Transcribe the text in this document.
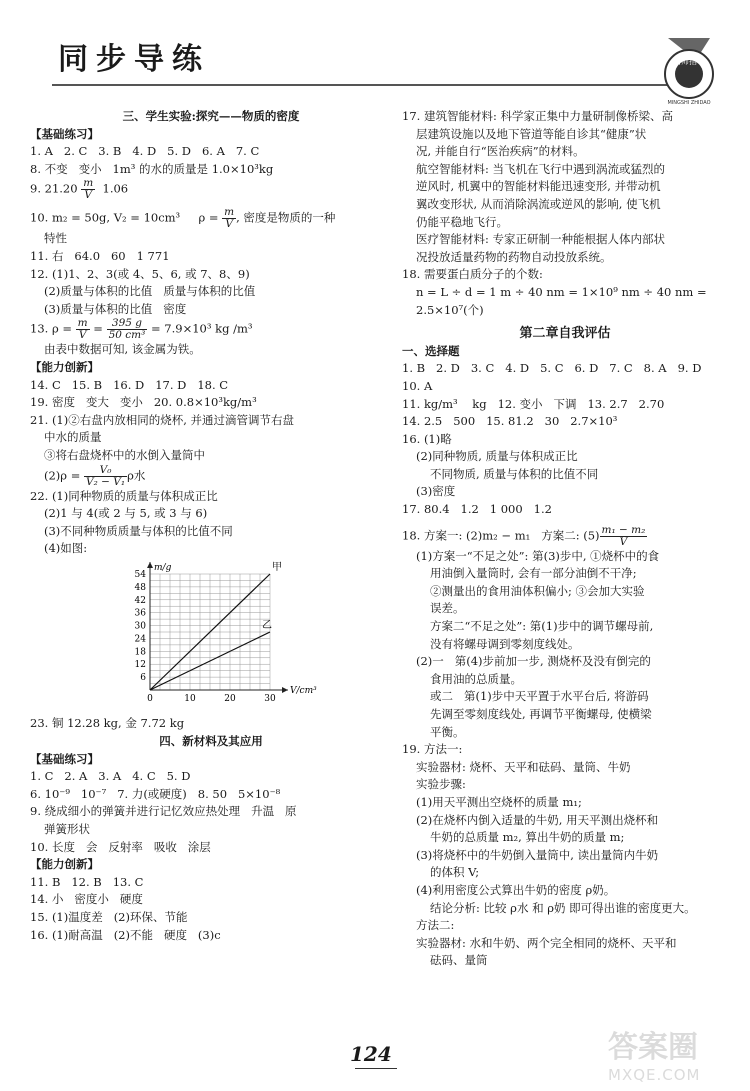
同步导练	名师指导
MINGSHI ZHIDAO
三、学生实验:探究——物质的密度
【基础练习】
1. A   2. C   3. B   4. D   5. D   6. A   7. C
8. 不变   变小   1m³ 的水的质量是 1.0×10³kg
9. $21.20 \frac{m}{V} 1.06$
10. m₂ = 50g, V₂ = 10cm³     $\rho = \frac{m}{V}$ , 密度是物质的一种
特性
11. 右   64.0   60   1 771
12. (1)1、2、3(或 4、5、6, 或 7、8、9)
(2)质量与体积的比值   质量与体积的比值
(3)质量与体积的比值   密度
13. $\rho = \frac{m}{V} = \frac{395 g}{\text{50 cm³}} = 7.9\times 10^3$ kg /m³
由表中数据可知, 该金属为铁。
【能力创新】
14. C   15. B   16. D   17. D   18. C
19. 密度   变大   变小   20. 0.8×10³kg/m³
21. (1)②右盘内放相同的烧杯, 并通过滴管调节右盘
中水的质量
③将右盘烧杯中的水倒入量筒中
$(2)\rho = \frac{\text{V₀}}{\text{V₂ − V₁}}$ ρ水
22. (1)同种物质的质量与体积成正比
(2)1 与 4(或 2 与 5, 或 3 与 6)
(3)不同种物质质量与体积的比值不同
(4)如图:
6
12
18
24
30
36
42
48
54
0	10	20	30
m/g
V/cm³
甲
乙
23. 铜 12.28 kg, 金 7.72 kg
四、新材料及其应用
【基础练习】
1. C   2. A   3. A   4. C   5. D
6. 10⁻⁹   10⁻⁷   7. 力(或硬度)   8. 50   5×10⁻⁸
9. 绕成细小的弹簧并进行记忆效应热处理   升温   原
弹簧形状
10. 长度   会   反射率   吸收   涂层
【能力创新】
11. B   12. B   13. C
14. 小   密度小   硬度
15. (1)温度差   (2)环保、节能
16. (1)耐高温   (2)不能   硬度   (3)c
17. 建筑智能材料: 科学家正集中力量研制像桥梁、高
层建筑设施以及地下管道等能自诊其“健康”状
况, 并能自行“医治疾病”的材料。
航空智能材料: 当飞机在飞行中遇到涡流或猛烈的
逆风时, 机翼中的智能材料能迅速变形, 并带动机
翼改变形状, 从而消除涡流或逆风的影响, 使飞机
仍能平稳地飞行。
医疗智能材料: 专家正研制一种能根据人体内部状
况投放适量药物的药物自动投放系统。
18. 需要蛋白质分子的个数:
n = L ÷ d = 1 m ÷ 40 nm = 1×10⁹ nm ÷ 40 nm =
2.5×10⁷(个)
第二章自我评估
一、选择题
1. B   2. D   3. C   4. D   5. C   6. D   7. C   8. A   9. D
10. A
11. kg/m³    kg   12. 变小   下调   13. 2.7   2.70
14. 2.5   500   15. 81.2   30   2.7×10³
16. (1)略
(2)同种物质, 质量与体积成正比
不同物质, 质量与体积的比值不同
(3)密度
17. 80.4   1.2   1 000   1.2
18. 方案一: (2)m₂ − m₁   方案二: $(5) \frac{\text{m₁ − m₂}}{V}$
(1)方案一“不足之处”: 第(3)步中, ①烧杯中的食
用油倒入量筒时, 会有一部分油倒不干净;
②测量出的食用油体积偏小; ③会加大实验
误差。
方案二“不足之处”: 第(1)步中的调节螺母前,
没有将螺母调到零刻度线处。
(2)一   第(4)步前加一步, 测烧杯及没有倒完的
食用油的总质量。
或二   第(1)步中天平置于水平台后, 将游码
先调至零刻度线处, 再调节平衡螺母, 使横梁
平衡。
19. 方法一:
实验器材: 烧杯、天平和砝码、量筒、牛奶
实验步骤:
(1)用天平测出空烧杯的质量 m₁;
(2)在烧杯内倒入适量的牛奶, 用天平测出烧杯和
牛奶的总质量 m₂, 算出牛奶的质量 m;
(3)将烧杯中的牛奶倒入量筒中, 读出量筒内牛奶
的体积 V;
(4)利用密度公式算出牛奶的密度 ρ奶。
结论分析: 比较 ρ水 和 ρ奶 即可得出谁的密度更大。
方法二:
实验器材: 水和牛奶、两个完全相同的烧杯、天平和
砝码、量筒
124	答案圈
MXQE.COM
